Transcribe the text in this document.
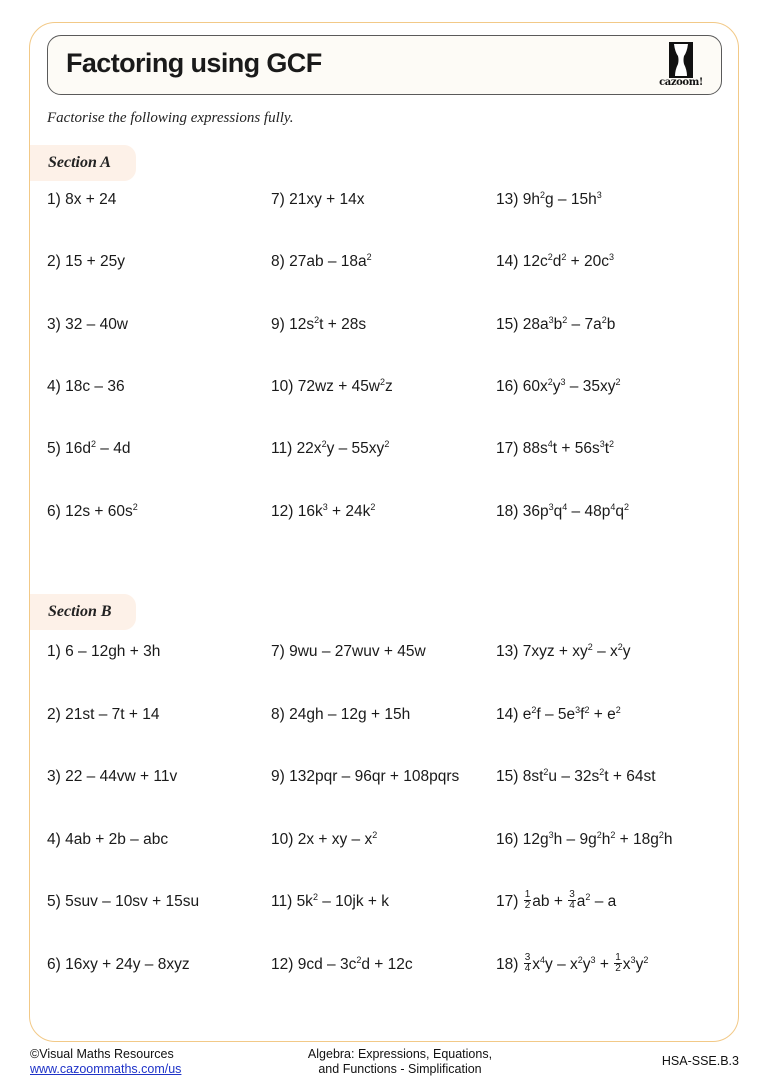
Factoring using GCF
cazoom!
Factorise the following expressions fully.
Section A
1) 8x + 24
2) 15 + 25y
3) 32 – 40w
4) 18c – 36
5) $16d^2 - 4d$
6) $12s + 60s^2$
7) 21xy + 14x
8) $27ab - 18a^2$
9) $12s^2t + 28s$
10) $72wz + 45w^2z$
11) $22x^2y - 55xy^2$
12) $16k^3 + 24k^2$
13) $9h^2g - 15h^3$
14) $12c^2d^2 + 20c^3$
15) $28a^3b^2 - 7a^2b$
16) $60x^2y^3 - 35xy^2$
17) $88s^4t + 56s^3t^2$
18) $36p^3q^4 - 48p^4q^2$
Section B
1) 6 – 12gh + 3h
2) 21st – 7t + 14
3) 22 – 44vw + 11v
4) 4ab + 2b – abc
5) 5suv – 10sv + 15su
6) 16xy + 24y – 8xyz
7) 9wu – 27wuv + 45w
8) 24gh – 12g + 15h
9) 132pqr – 96qr + 108pqrs
10) 2x + xy – $x^2$
11) $5k^2 - 10jk + k$
12) $9cd - 3c^2d + 12c$
13) $7xyz + xy^2 - x^2y$
14) $e^2f - 5e^3f^2 + e^2$
15) $8st^2u - 32s^2t + 64st$
16) $12g^3h - 9g^2h^2 + 18g^2h$
$17) \frac{1}{2}$ ab + $\frac{3}{4} a^2$ – a
$18) \frac{3}{4} x^4y - x^2y^3 + \frac{1}{2} x^3y^2$
©Visual Maths Resources
www.cazoommaths.com/us
Algebra: Expressions, Equations,
and Functions - Simplification
HSA-SSE.B.3
